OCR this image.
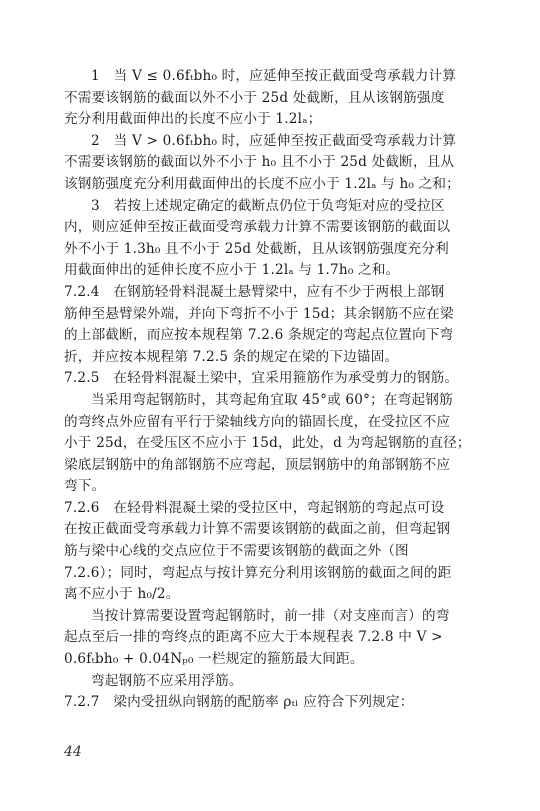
1　当 V ≤ 0.6fₜbh₀ 时，应延伸至按正截面受弯承载力计算
不需要该钢筋的截面以外不小于 25d 处截断，且从该钢筋强度
充分利用截面伸出的长度不应小于 1.2lₐ；
2　当 V > 0.6fₜbh₀ 时，应延伸至按正截面受弯承载力计算
不需要该钢筋的截面以外不小于 h₀ 且不小于 25d 处截断，且从
该钢筋强度充分利用截面伸出的长度不应小于 1.2lₐ 与 h₀ 之和；
3　若按上述规定确定的截断点仍位于负弯矩对应的受拉区
内，则应延伸至按正截面受弯承载力计算不需要该钢筋的截面以
外不小于 1.3h₀ 且不小于 25d 处截断，且从该钢筋强度充分利
用截面伸出的延伸长度不应小于 1.2lₐ 与 1.7h₀ 之和。
7.2.4　在钢筋轻骨料混凝土悬臂梁中，应有不少于两根上部钢
筋伸至悬臂梁外端，并向下弯折不小于 15d；其余钢筋不应在梁
的上部截断，而应按本规程第 7.2.6 条规定的弯起点位置向下弯
折，并应按本规程第 7.2.5 条的规定在梁的下边锚固。
7.2.5　在轻骨料混凝土梁中，宜采用箍筋作为承受剪力的钢筋。
当采用弯起钢筋时，其弯起角宜取 45°或 60°；在弯起钢筋
的弯终点外应留有平行于梁轴线方向的锚固长度，在受拉区不应
小于 25d，在受压区不应小于 15d，此处，d 为弯起钢筋的直径；
梁底层钢筋中的角部钢筋不应弯起，顶层钢筋中的角部钢筋不应
弯下。
7.2.6　在轻骨料混凝土梁的受拉区中，弯起钢筋的弯起点可设
在按正截面受弯承载力计算不需要该钢筋的截面之前，但弯起钢
筋与梁中心线的交点应位于不需要该钢筋的截面之外（图
7.2.6）；同时，弯起点与按计算充分利用该钢筋的截面之间的距
离不应小于 h₀/2。
当按计算需要设置弯起钢筋时，前一排（对支座而言）的弯
起点至后一排的弯终点的距离不应大于本规程表 7.2.8 中 V >
0.6fₜbh₀ + 0.04Nₚ₀ 一栏规定的箍筋最大间距。
弯起钢筋不应采用浮筋。
7.2.7　梁内受扭纵向钢筋的配筋率 ρₜₗ 应符合下列规定：
44
